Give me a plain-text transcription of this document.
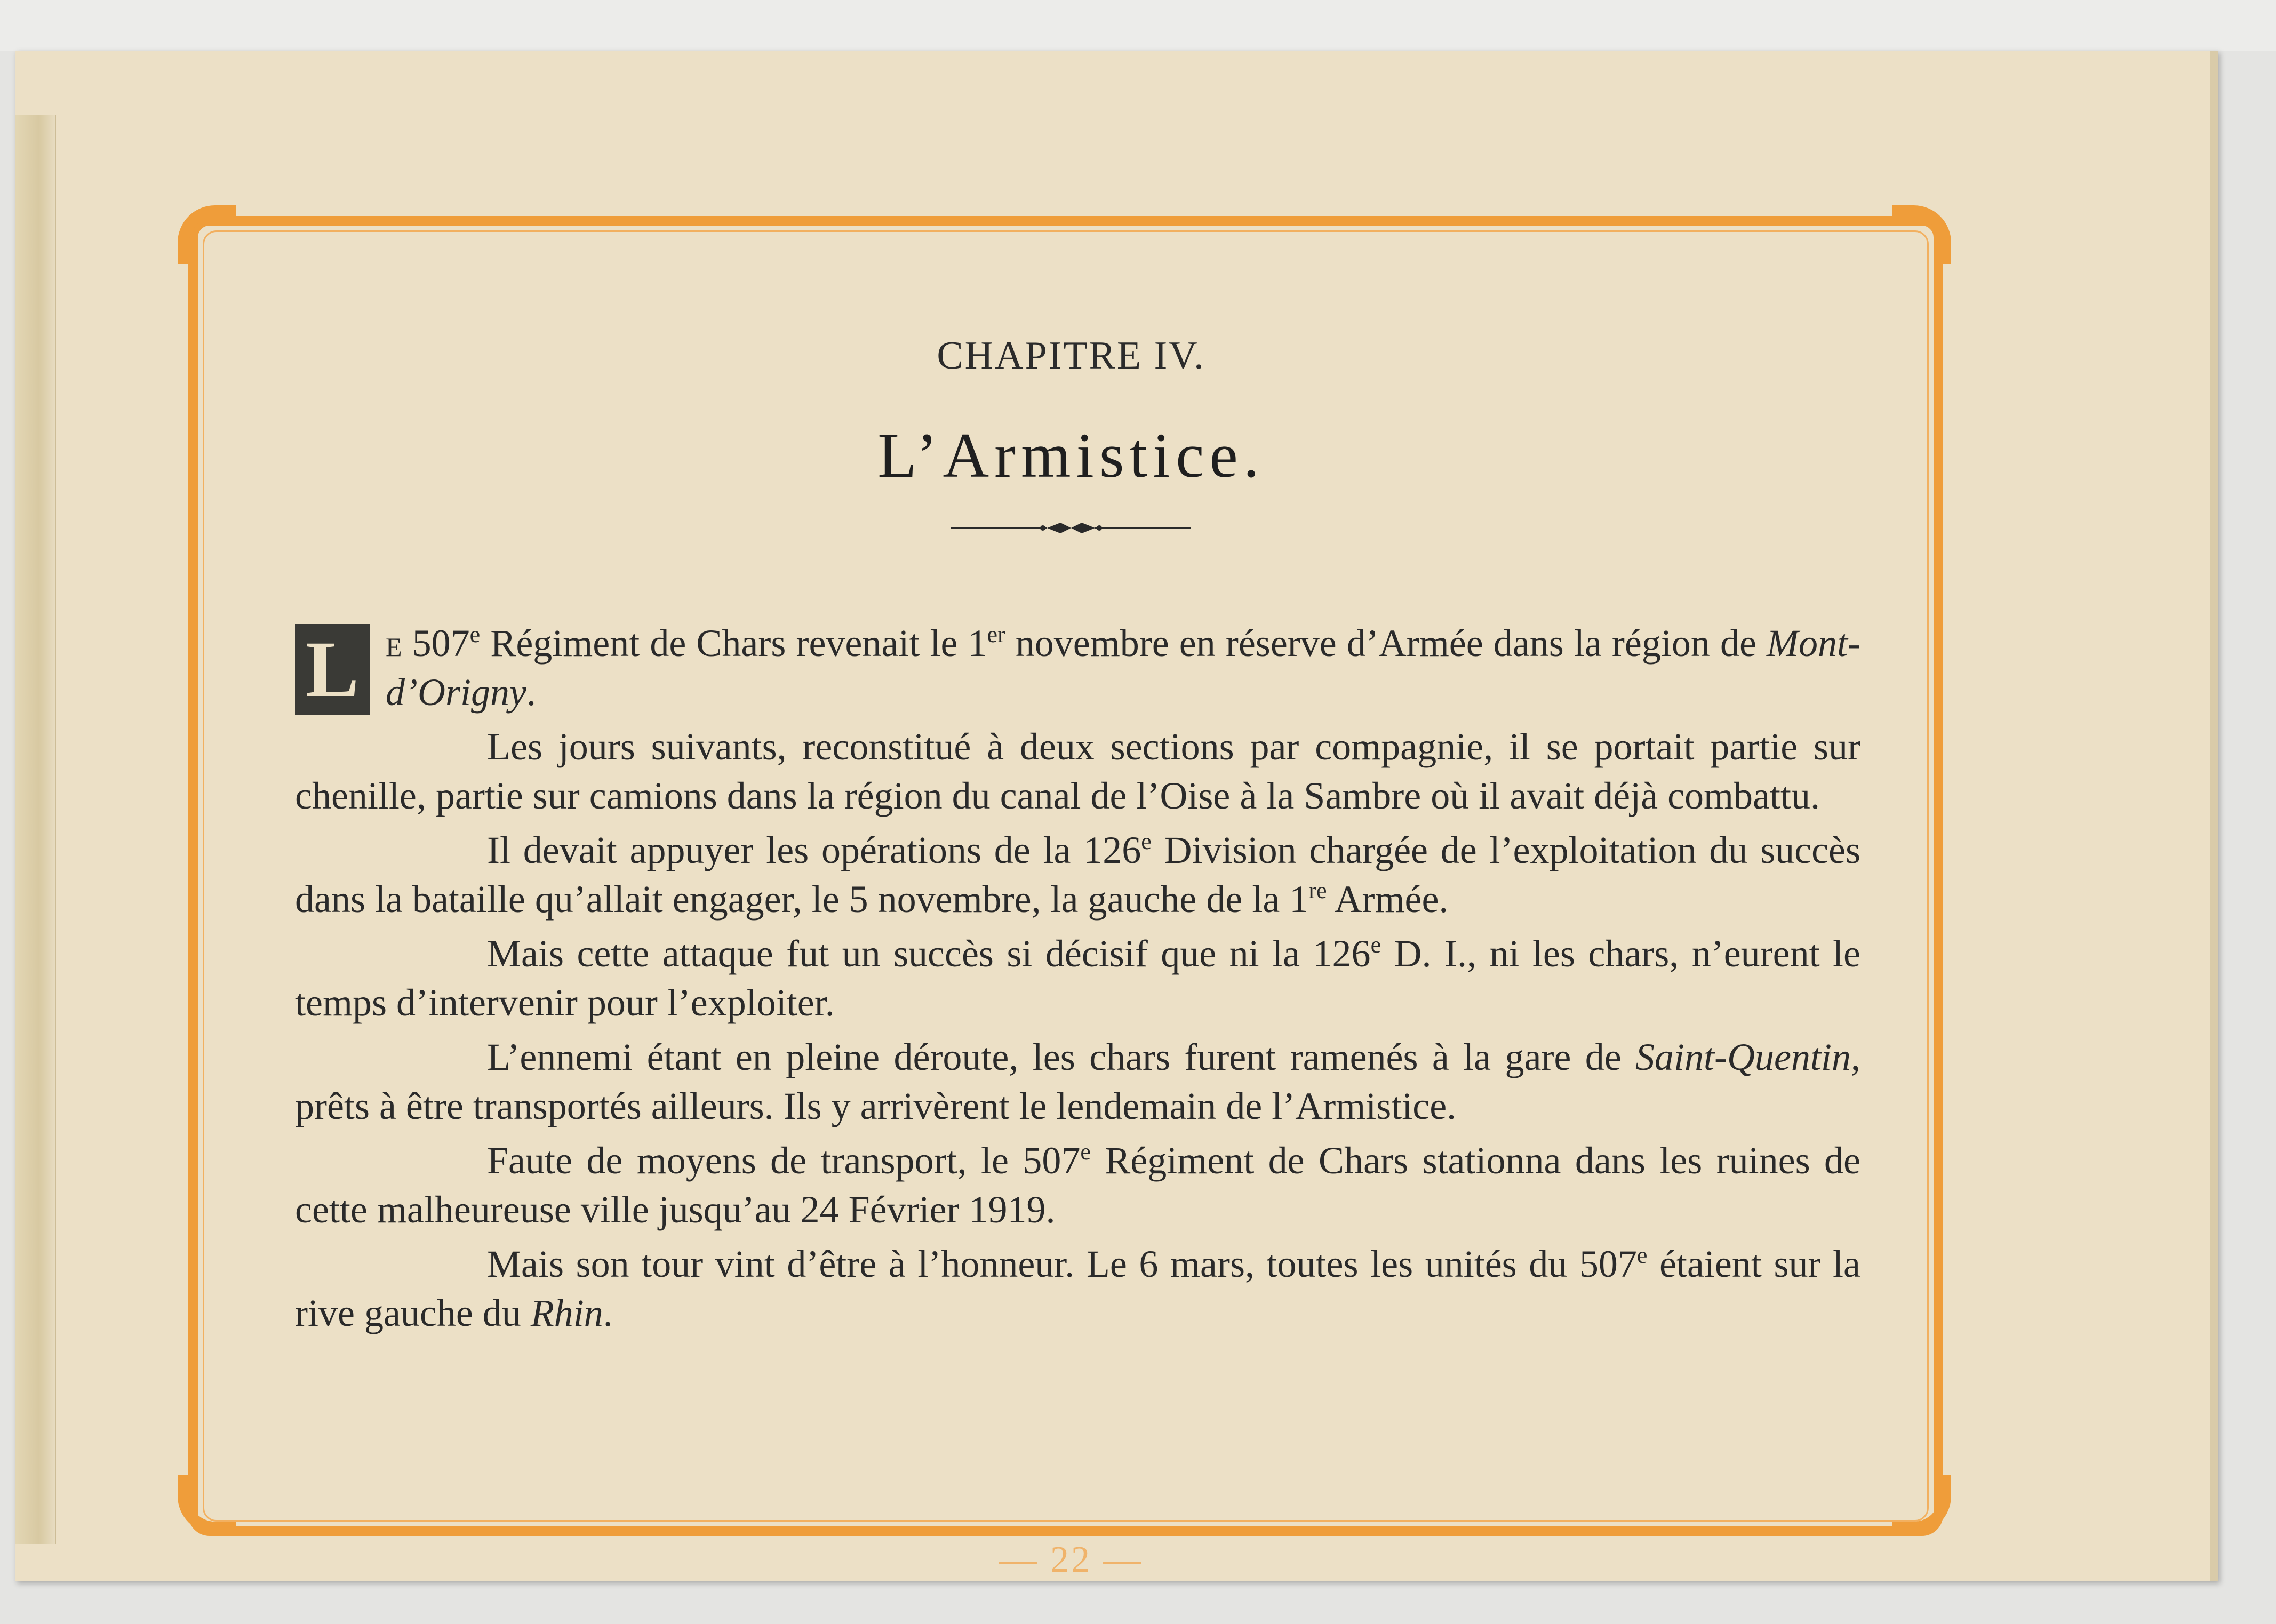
CHAPITRE IV.
L’Armistice.

L e 507e Régiment de Chars revenait le 1er novembre en réserve d’Armée dans la région de Mont-d’Origny.

Les jours suivants, reconstitué à deux sections par compagnie, il se portait partie sur chenille, partie sur camions dans la région du canal de l’Oise à la Sambre où il avait déjà combattu.

Il devait appuyer les opérations de la 126e Division chargée de l’exploitation du succès dans la bataille qu’allait engager, le 5 novembre, la gauche de la 1re Armée.

Mais cette attaque fut un succès si décisif que ni la 126e D. I., ni les chars, n’eurent le temps d’intervenir pour l’exploiter.

L’ennemi étant en pleine déroute, les chars furent ramenés à la gare de Saint-Quentin, prêts à être transportés ailleurs. Ils y arrivèrent le lendemain de l’Armistice.

Faute de moyens de transport, le 507e Régiment de Chars stationna dans les ruines de cette malheureuse ville jusqu’au 24 Février 1919.

Mais son tour vint d’être à l’honneur. Le 6 mars, toutes les unités du 507e étaient sur la rive gauche du Rhin.

— 22 —
